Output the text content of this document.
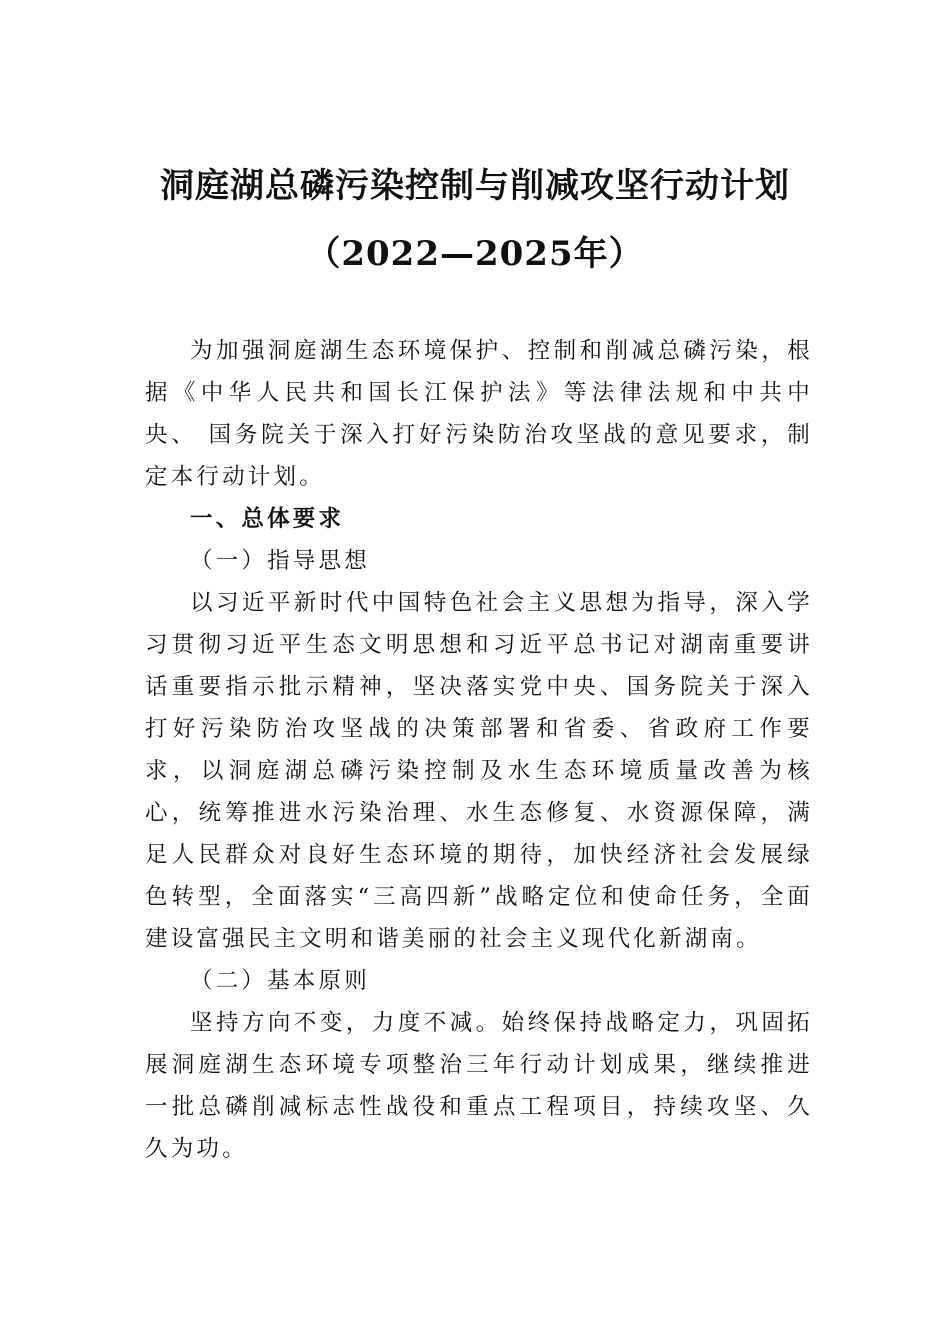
洞庭湖总磷污染控制与削减攻坚行动计划
（2022—2025年）

为加强洞庭湖生态环境保护、控制和削减总磷污染，根据《中华人民共和国长江保护法》等法律法规和中共中央、 国务院关于深入打好污染防治攻坚战的意见要求，制定本行动计划。

一、总体要求

（一）指导思想

以习近平新时代中国特色社会主义思想为指导，深入学习贯彻习近平生态文明思想和习近平总书记对湖南重要讲话重要指示批示精神，坚决落实党中央、国务院关于深入打好污染防治攻坚战的决策部署和省委、省政府工作要求，以洞庭湖总磷污染控制及水生态环境质量改善为核心，统筹推进水污染治理、水生态修复、水资源保障，满足人民群众对良好生态环境的期待，加快经济社会发展绿色转型，全面落实“三高四新”战略定位和使命任务，全面建设富强民主文明和谐美丽的社会主义现代化新湖南。

（二）基本原则

坚持方向不变，力度不减。始终保持战略定力，巩固拓展洞庭湖生态环境专项整治三年行动计划成果，继续推进一批总磷削减标志性战役和重点工程项目，持续攻坚、久久为功。
